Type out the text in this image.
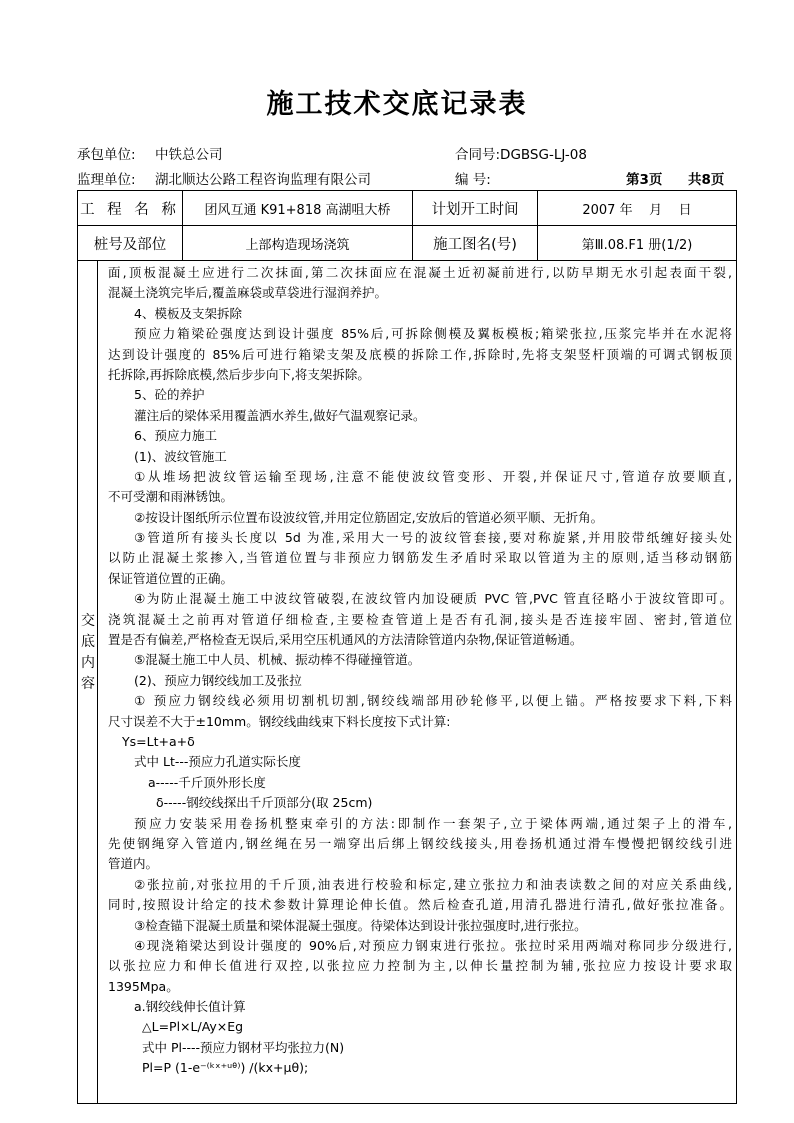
施工技术交底记录表
承包单位: 中铁总公司	合同号:DGBSG-LJ-08
监理单位: 湖北顺达公路工程咨询监理有限公司	编 号:	第3页 共8页
工 程 名 称	团风互通 K91+818 高湖咀大桥	计划开工时间	2007 年    月    日
桩号及部位	上部构造现场浇筑	施工图名(号)	第Ⅲ.08.F1 册(1/2)
交
底
内
容
面,顶板混凝土应进行二次抹面,第二次抹面应在混凝土近初凝前进行,以防早期无水引起表面干裂,
混凝土浇筑完毕后,覆盖麻袋或草袋进行湿润养护。
4、模板及支架拆除
预应力箱梁砼强度达到设计强度 85%后,可拆除侧模及翼板模板;箱梁张拉,压浆完毕并在水泥将
达到设计强度的 85%后可进行箱梁支架及底模的拆除工作,拆除时,先将支架竖杆顶端的可调式钢板顶
托拆除,再拆除底模,然后步步向下,将支架拆除。
5、砼的养护
灌注后的梁体采用覆盖洒水养生,做好气温观察记录。
6、预应力施工
(1)、波纹管施工
①从堆场把波纹管运输至现场,注意不能使波纹管变形、开裂,并保证尺寸,管道存放要顺直,
不可受潮和雨淋锈蚀。
②按设计图纸所示位置布设波纹管,并用定位筋固定,安放后的管道必须平顺、无折角。
③管道所有接头长度以 5d 为准,采用大一号的波纹管套接,要对称旋紧,并用胶带纸缠好接头处
以防止混凝土浆掺入,当管道位置与非预应力钢筋发生矛盾时采取以管道为主的原则,适当移动钢筋
保证管道位置的正确。
④为防止混凝土施工中波纹管破裂,在波纹管内加设硬质 PVC 管,PVC 管直径略小于波纹管即可。
浇筑混凝土之前再对管道仔细检查,主要检查管道上是否有孔洞,接头是否连接牢固、密封,管道位
置是否有偏差,严格检查无误后,采用空压机通风的方法清除管道内杂物,保证管道畅通。
⑤混凝土施工中人员、机械、振动棒不得碰撞管道。
(2)、预应力钢绞线加工及张拉
① 预应力钢绞线必须用切割机切割,钢绞线端部用砂轮修平,以便上锚。严格按要求下料,下料
尺寸误差不大于±10mm。钢绞线曲线束下料长度按下式计算:
Ys=Lt+a+δ
式中 Lt---预应力孔道实际长度
a-----千斤顶外形长度
δ-----钢绞线探出千斤顶部分(取 25cm)
预应力安装采用卷扬机整束牵引的方法:即制作一套架子,立于梁体两端,通过架子上的滑车,
先使钢绳穿入管道内,钢丝绳在另一端穿出后绑上钢绞线接头,用卷扬机通过滑车慢慢把钢绞线引进
管道内。
②张拉前,对张拉用的千斤顶,油表进行校验和标定,建立张拉力和油表读数之间的对应关系曲线,
同时,按照设计给定的技术参数计算理论伸长值。然后检查孔道,用清孔器进行清孔,做好张拉准备。
③检查锚下混凝土质量和梁体混凝土强度。待梁体达到设计张拉强度时,进行张拉。
④现浇箱梁达到设计强度的 90%后,对预应力钢束进行张拉。张拉时采用两端对称同步分级进行,
以张拉应力和伸长值进行双控,以张拉应力控制为主,以伸长量控制为辅,张拉应力按设计要求取
1395Mpa。
a.钢绞线伸长值计算
△L=Pl×L/Ay×Eg
式中 Pl----预应力钢材平均张拉力(N)
Pl=P (1-e⁻⁽ᵏˣ⁺ᵘᶿ⁾) /(kx+μθ);
